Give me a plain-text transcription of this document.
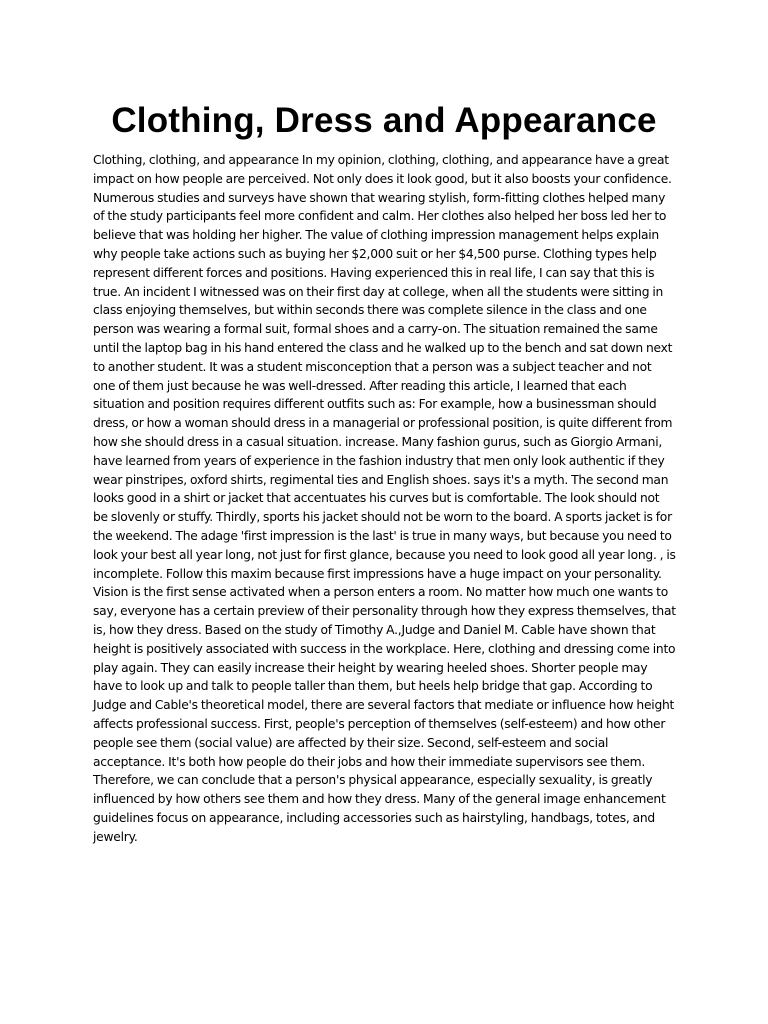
Clothing, Dress and Appearance

Clothing, clothing, and appearance In my opinion, clothing, clothing, and appearance have a great impact on how people are perceived. Not only does it look good, but it also boosts your confidence. Numerous studies and surveys have shown that wearing stylish, form-fitting clothes helped many of the study participants feel more confident and calm. Her clothes also helped her boss led her to believe that was holding her higher. The value of clothing impression management helps explain why people take actions such as buying her $2,000 suit or her $4,500 purse. Clothing types help represent different forces and positions. Having experienced this in real life, I can say that this is true. An incident I witnessed was on their first day at college, when all the students were sitting in class enjoying themselves, but within seconds there was complete silence in the class and one person was wearing a formal suit, formal shoes and a carry-on. The situation remained the same until the laptop bag in his hand entered the class and he walked up to the bench and sat down next to another student. It was a student misconception that a person was a subject teacher and not one of them just because he was well-dressed. After reading this article, I learned that each situation and position requires different outfits such as: For example, how a businessman should dress, or how a woman should dress in a managerial or professional position, is quite different from how she should dress in a casual situation. increase. Many fashion gurus, such as Giorgio Armani, have learned from years of experience in the fashion industry that men only look authentic if they wear pinstripes, oxford shirts, regimental ties and English shoes. says it's a myth. The second man looks good in a shirt or jacket that accentuates his curves but is comfortable. The look should not be slovenly or stuffy. Thirdly, sports his jacket should not be worn to the board. A sports jacket is for the weekend. The adage 'first impression is the last' is true in many ways, but because you need to look your best all year long, not just for first glance, because you need to look good all year long. , is incomplete. Follow this maxim because first impressions have a huge impact on your personality. Vision is the first sense activated when a person enters a room. No matter how much one wants to say, everyone has a certain preview of their personality through how they express themselves, that is, how they dress. Based on the study of Timothy A.,Judge and Daniel M. Cable have shown that height is positively associated with success in the workplace. Here, clothing and dressing come into play again. They can easily increase their height by wearing heeled shoes. Shorter people may have to look up and talk to people taller than them, but heels help bridge that gap. According to Judge and Cable's theoretical model, there are several factors that mediate or influence how height affects professional success. First, people's perception of themselves (self-esteem) and how other people see them (social value) are affected by their size. Second, self-esteem and social acceptance. It's both how people do their jobs and how their immediate supervisors see them. Therefore, we can conclude that a person's physical appearance, especially sexuality, is greatly influenced by how others see them and how they dress. Many of the general image enhancement guidelines focus on appearance, including accessories such as hairstyling, handbags, totes, and jewelry.
